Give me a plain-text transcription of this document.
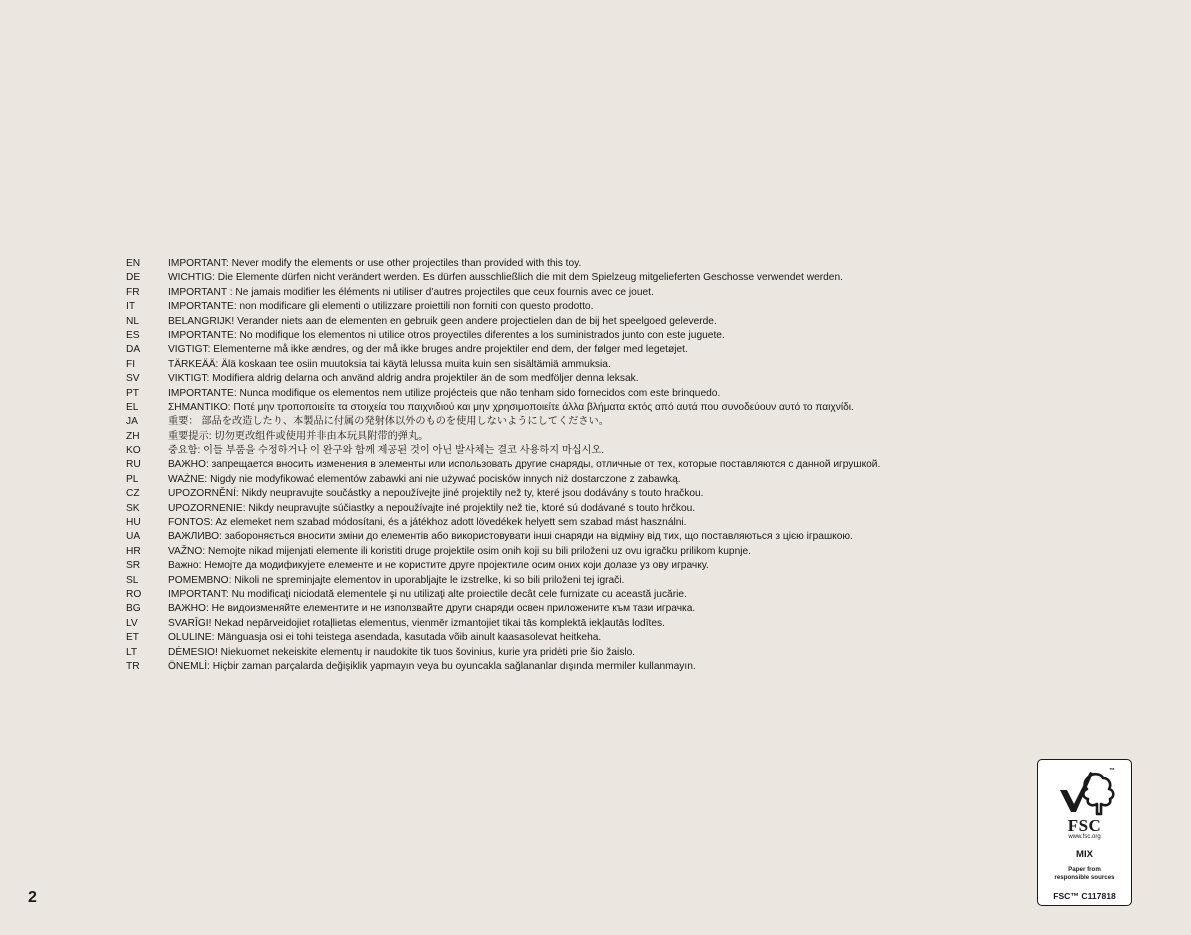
EN	IMPORTANT: Never modify the elements or use other projectiles than provided with this toy.
DE	WICHTIG: Die Elemente dürfen nicht verändert werden. Es dürfen ausschließlich die mit dem Spielzeug mitgelieferten Geschosse verwendet werden.
FR	IMPORTANT : Ne jamais modifier les éléments ni utiliser d’autres projectiles que ceux fournis avec ce jouet.
IT	IMPORTANTE: non modificare gli elementi o utilizzare proiettili non forniti con questo prodotto.
NL	BELANGRIJK! Verander niets aan de elementen en gebruik geen andere projectielen dan de bij het speelgoed geleverde.
ES	IMPORTANTE: No modifique los elementos ni utilice otros proyectiles diferentes a los suministrados junto con este juguete.
DA	VIGTIGT: Elementerne må ikke ændres, og der må ikke bruges andre projektiler end dem, der følger med legetøjet.
FI	TÄRKEÄÄ: Älä koskaan tee osiin muutoksia tai käytä lelussa muita kuin sen sisältämiä ammuksia.
SV	VIKTIGT: Modifiera aldrig delarna och använd aldrig andra projektiler än de som medföljer denna leksak.
PT	IMPORTANTE: Nunca modifique os elementos nem utilize projécteis que não tenham sido fornecidos com este brinquedo.
EL	ΣΗΜΑΝΤΙΚΟ: Ποτέ μην τροποποιείτε τα στοιχεία του παιχνιδιού και μην χρησιμοποιείτε άλλα βλήματα εκτός από αυτά που συνοδεύουν αυτό το παιχνίδι.
JA	重要： 部品を改造したり、本製品に付属の発射体以外のものを使用しないようにしてください。
ZH	重要提示: 切勿更改组件或使用并非由本玩具附带的弹丸。
KO	중요함: 이들 부품을 수정하거나 이 완구와 함께 제공된 것이 아닌 발사체는 결코 사용하지 마십시오.
RU	ВАЖНО: запрещается вносить изменения в элементы или использовать другие снаряды, отличные от тех, которые поставляются с данной игрушкой.
PL	WAŻNE: Nigdy nie modyfikować elementów zabawki ani nie używać pocisków innych niż dostarczone z zabawką.
CZ	UPOZORNĚNÍ: Nikdy neupravujte součástky a nepoužívejte jiné projektily než ty, které jsou dodávány s touto hračkou.
SK	UPOZORNENIE: Nikdy neupravujte súčiastky a nepoužívajte iné projektily než tie, ktoré sú dodávané s touto hrčkou.
HU	FONTOS: Az elemeket nem szabad módosítani, és a játékhoz adott lövedékek helyett sem szabad mást használni.
UA	ВАЖЛИВО: забороняється вносити зміни до елементів або використовувати інші снаряди на відміну від тих, що поставляються з цією іграшкою.
HR	VAŽNO: Nemojte nikad mijenjati elemente ili koristiti druge projektile osim onih koji su bili priloženi uz ovu igračku prilikom kupnje.
SR	Важно: Немојте да модификујете елементе и не користите друге пројектиле осим оних који долазе уз ову играчку.
SL	POMEMBNO: Nikoli ne spreminjajte elementov in uporabljajte le izstrelke, ki so bili priloženi tej igrači.
RO	IMPORTANT: Nu modificaţi niciodată elementele şi nu utilizaţi alte proiectile decât cele furnizate cu această jucărie.
BG	ВАЖНО: Не видоизменяйте елементите и не използвайте други снаряди освен приложените към тази играчка.
LV	SVARĪGI! Nekad nepārveidojiet rotaļlietas elementus, vienmēr izmantojiet tikai tās komplektā iekļautās lodītes.
ET	OLULINE: Mänguasja osi ei tohi teistega asendada, kasutada võib ainult kaasasolevat heitkeha.
LT	DĖMESIO! Niekuomet nekeiskite elementų ir naudokite tik tuos šovinius, kurie yra pridėti prie šio žaislo.
TR	ÖNEMLİ: Hiçbir zaman parçalarda değişiklik yapmayın veya bu oyuncakla sağlananlar dışında mermiler kullanmayın.
2
™
FSC
www.fsc.org
MIX
Paper from
responsible sources
FSC™ C117818
